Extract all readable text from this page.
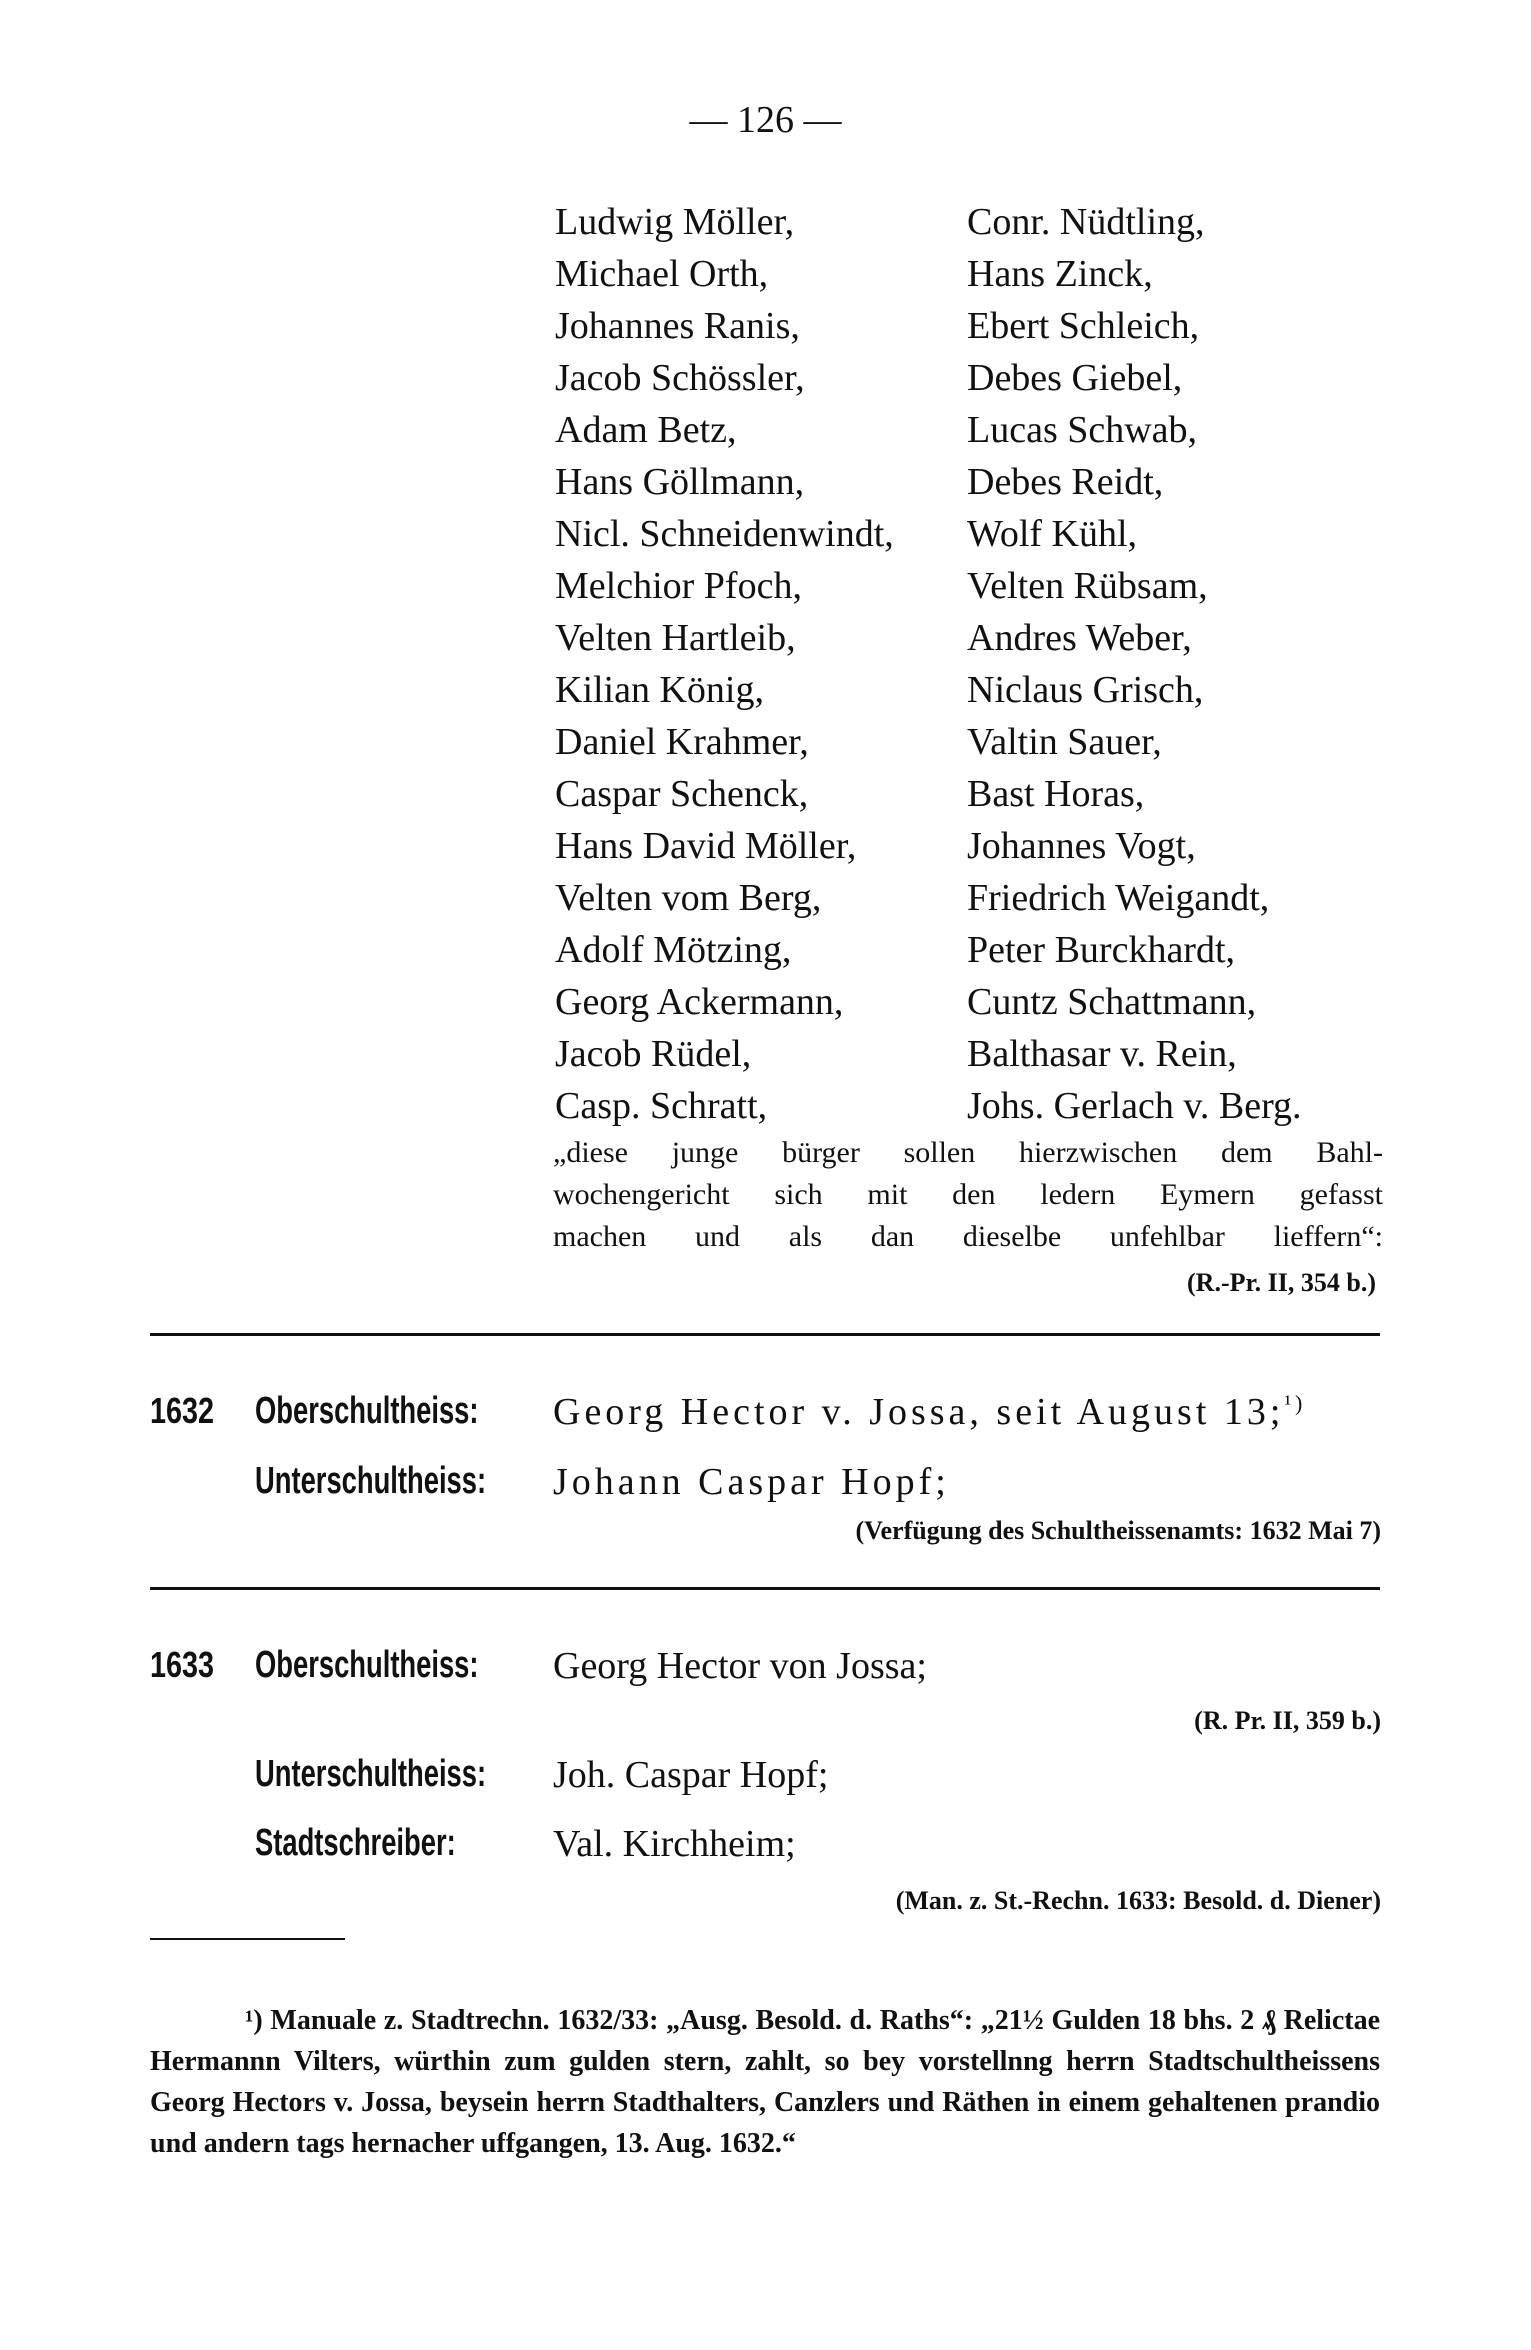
— 126 —
Ludwig Möller,	Conr. Nüdtling,
Michael Orth,	Hans Zinck,
Johannes Ranis,	Ebert Schleich,
Jacob Schössler,	Debes Giebel,
Adam Betz,	Lucas Schwab,
Hans Göllmann,	Debes Reidt,
Nicl. Schneidenwindt, Wolf Kühl,
Melchior Pfoch,	Velten Rübsam,
Velten Hartleib,	Andres Weber,
Kilian König,	Niclaus Grisch,
Daniel Krahmer,	Valtin Sauer,
Caspar Schenck,	Bast Horas,
Hans David Möller,	Johannes Vogt,
Velten vom Berg,	Friedrich Weigandt,
Adolf Mötzing,	Peter Burckhardt,
Georg Ackermann,	Cuntz Schattmann,
Jacob Rüdel,	Balthasar v. Rein,
Casp. Schratt,	Johs. Gerlach v. Berg.
„diese junge bürger sollen hierzwischen dem Bahl-
wochengericht sich mit den ledern Eymern gefasst
machen und als dan dieselbe unfehlbar lieffern“:
(R.-Pr. II, 354 b.)
1632 Oberschultheiss: Georg Hector v. Jossa, seit August 13;$^{^1)}$
Unterschultheiss: Johann Caspar Hopf;
(Verfügung des Schultheissenamts: 1632 Mai 7)
1633 Oberschultheiss: Georg Hector von Jossa;
(R. Pr. II, 359 b.)
Unterschultheiss: Joh. Caspar Hopf;
Stadtschreiber:	Val. Kirchheim;
(Man. z. St.-Rechn. 1633: Besold. d. Diener)
¹) Manuale z. Stadtrechn. 1632/33: „Ausg. Besold. d. Raths“: „21½ Gulden 18 bhs. 2 ₰ Relictae Hermannn Vilters, würthin zum gulden stern, zahlt, so bey vorstellnng herrn Stadtschultheissens Georg Hectors v. Jossa, beysein herrn Stadthalters, Canzlers und Räthen in einem gehaltenen prandio und andern tags hernacher uffgangen, 13. Aug. 1632.“
